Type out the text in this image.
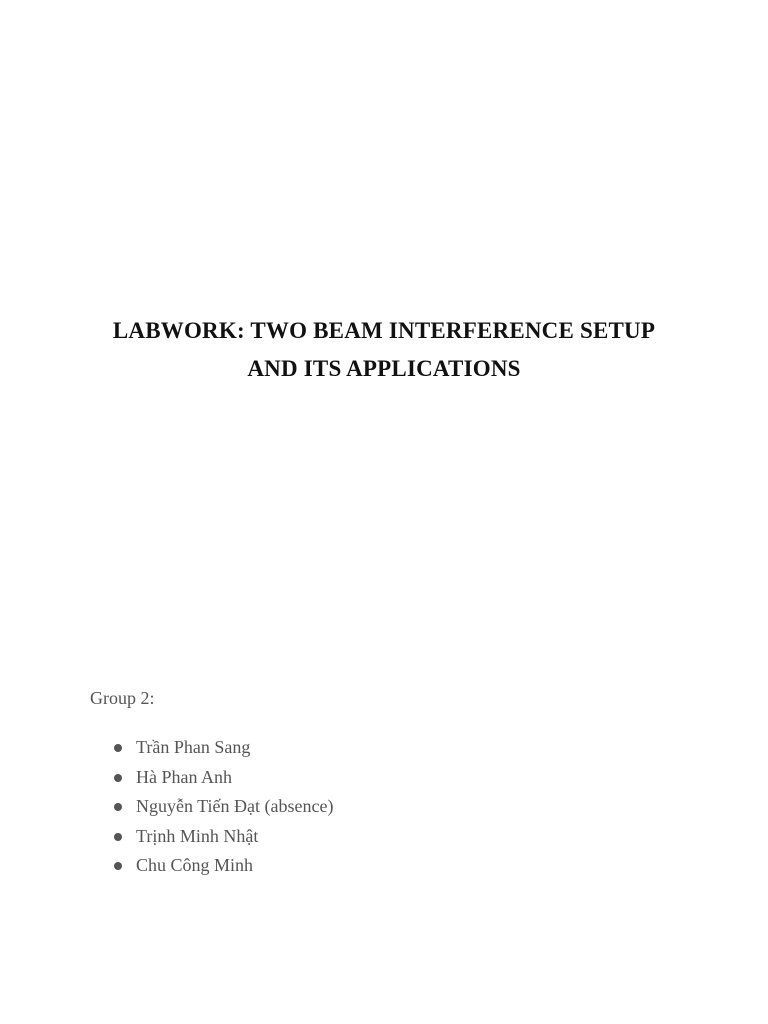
LABWORK: TWO BEAM INTERFERENCE SETUP
AND ITS APPLICATIONS
Group 2:
Trần Phan Sang
Hà Phan Anh
Nguyễn Tiến Đạt (absence)
Trịnh Minh Nhật
Chu Công Minh
